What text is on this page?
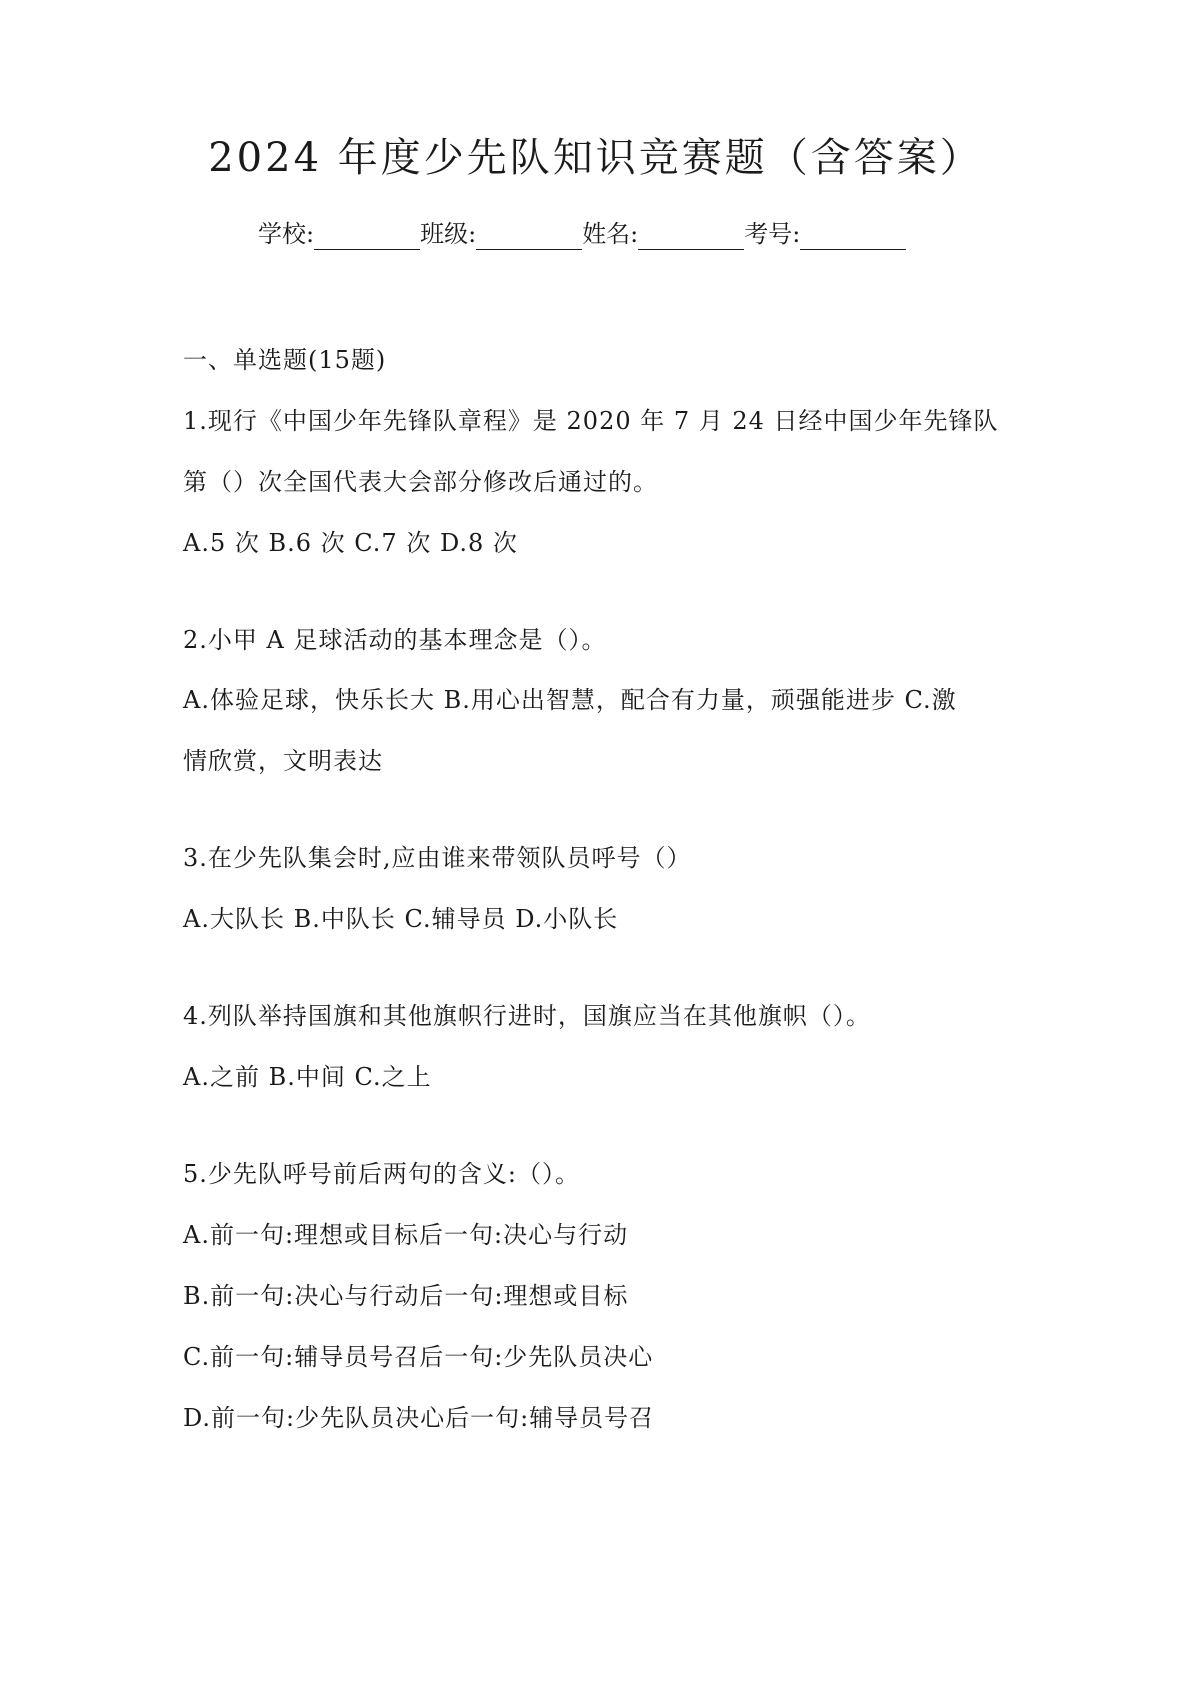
2024 年度少先队知识竞赛题（含答案）
学校:	班级:	姓名:	考号:
一、单选题(15题)
1.现行《中国少年先锋队章程》是 2020 年 7 月 24 日经中国少年先锋队
第（）次全国代表大会部分修改后通过的。
A.5 次 B.6 次 C.7 次 D.8 次
2.小甲 A 足球活动的基本理念是（）。
A.体验足球，快乐长大 B.用心出智慧，配合有力量，顽强能进步 C.激
情欣赏，文明表达
3.在少先队集会时,应由谁来带领队员呼号（）
A.大队长 B.中队长 C.辅导员 D.小队长
4.列队举持国旗和其他旗帜行进时，国旗应当在其他旗帜（）。
A.之前 B.中间 C.之上
5.少先队呼号前后两句的含义:（）。
A.前一句:理想或目标后一句:决心与行动
B.前一句:决心与行动后一句:理想或目标
C.前一句:辅导员号召后一句:少先队员决心
D.前一句:少先队员决心后一句:辅导员号召
